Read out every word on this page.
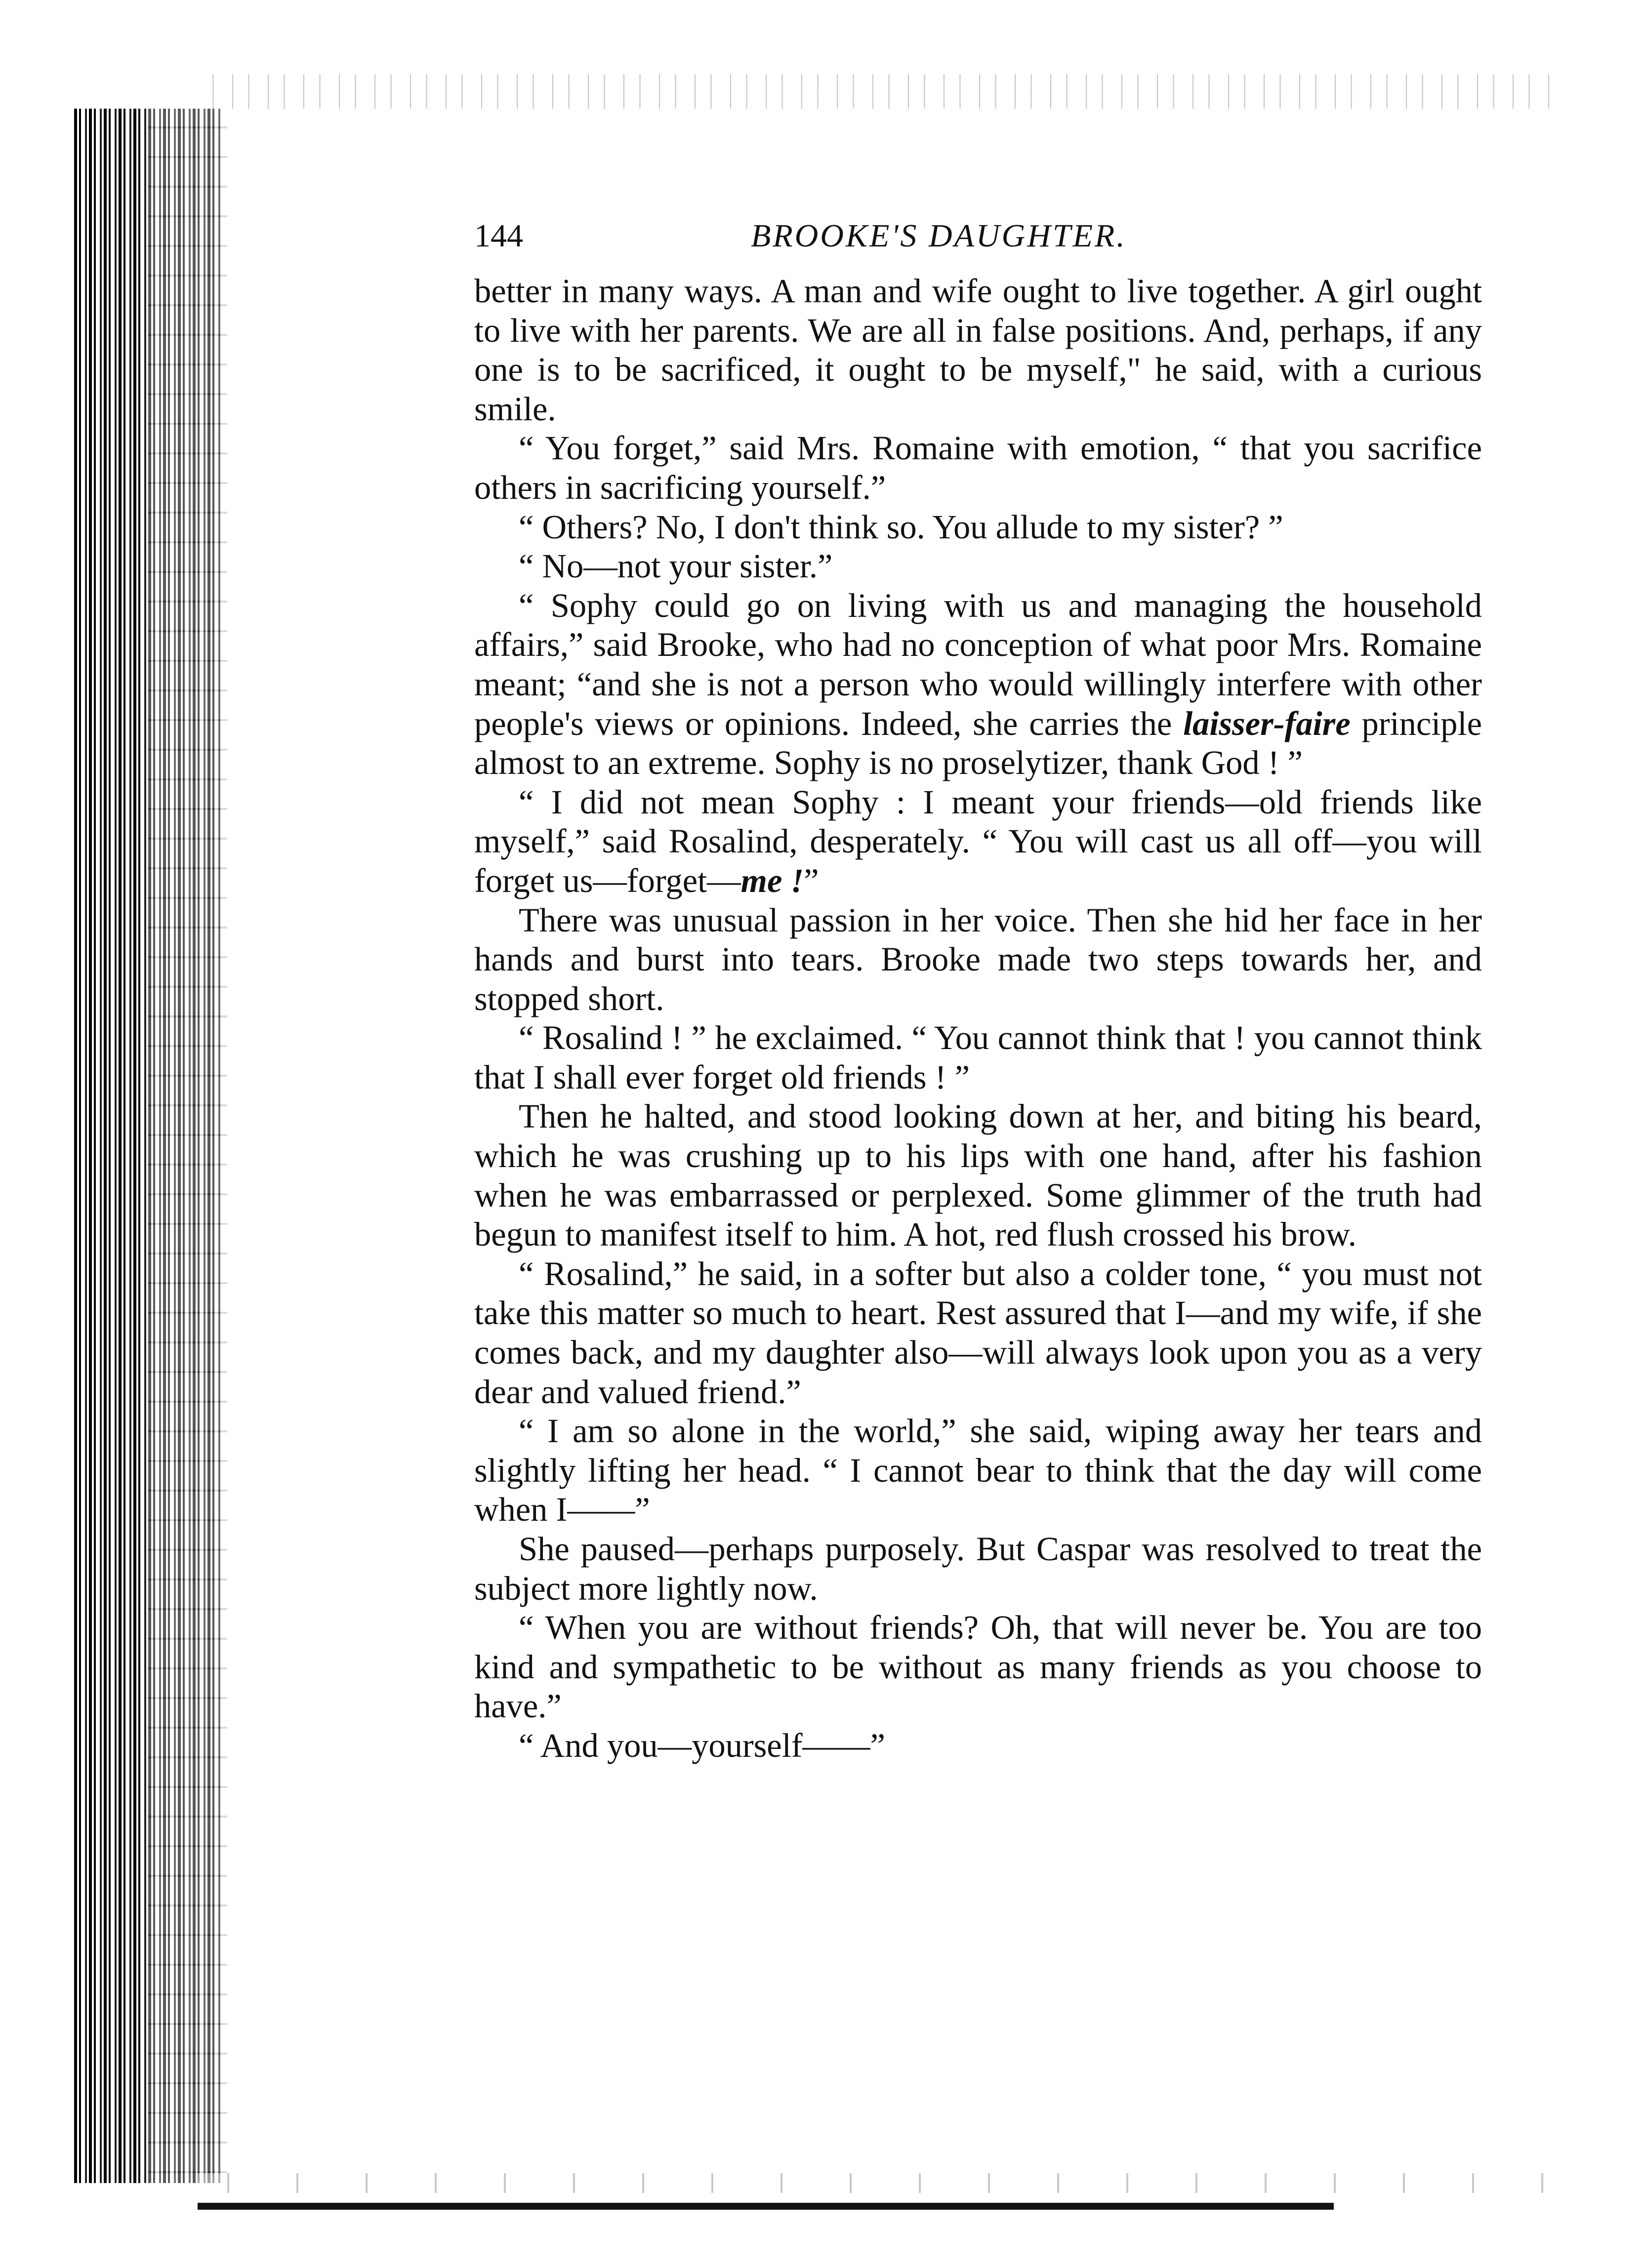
144	BROOKE'S DAUGHTER.

better in many ways. A man and wife ought to live together. A girl ought to live with her parents. We are all in false positions. And, perhaps, if any one is to be sacrificed, it ought to be myself," he said, with a curious smile.

“ You forget,” said Mrs. Romaine with emotion, “ that you sacrifice others in sacrificing yourself.”

“ Others? No, I don't think so. You allude to my sister? ”

“ No—not your sister.”

“ Sophy could go on living with us and managing the household affairs,” said Brooke, who had no conception of what poor Mrs. Romaine meant; “and she is not a person who would willingly interfere with other people's views or opinions. Indeed, she carries the laisser-faire principle almost to an extreme. Sophy is no proselytizer, thank God ! ”

“ I did not mean Sophy : I meant your friends—old friends like myself,” said Rosalind, desperately. “ You will cast us all off—you will forget us—forget—me !”

There was unusual passion in her voice. Then she hid her face in her hands and burst into tears. Brooke made two steps towards her, and stopped short.

“ Rosalind ! ” he exclaimed. “ You cannot think that ! you cannot think that I shall ever forget old friends ! ”

Then he halted, and stood looking down at her, and biting his beard, which he was crushing up to his lips with one hand, after his fashion when he was embarrassed or perplexed. Some glimmer of the truth had begun to manifest itself to him. A hot, red flush crossed his brow.

“ Rosalind,” he said, in a softer but also a colder tone, “ you must not take this matter so much to heart. Rest assured that I—and my wife, if she comes back, and my daughter also—will always look upon you as a very dear and valued friend.”

“ I am so alone in the world,” she said, wiping away her tears and slightly lifting her head. “ I cannot bear to think that the day will come when I——”

She paused—perhaps purposely. But Caspar was resolved to treat the subject more lightly now.

“ When you are without friends? Oh, that will never be. You are too kind and sympathetic to be without as many friends as you choose to have.”

“ And you—yourself——”
